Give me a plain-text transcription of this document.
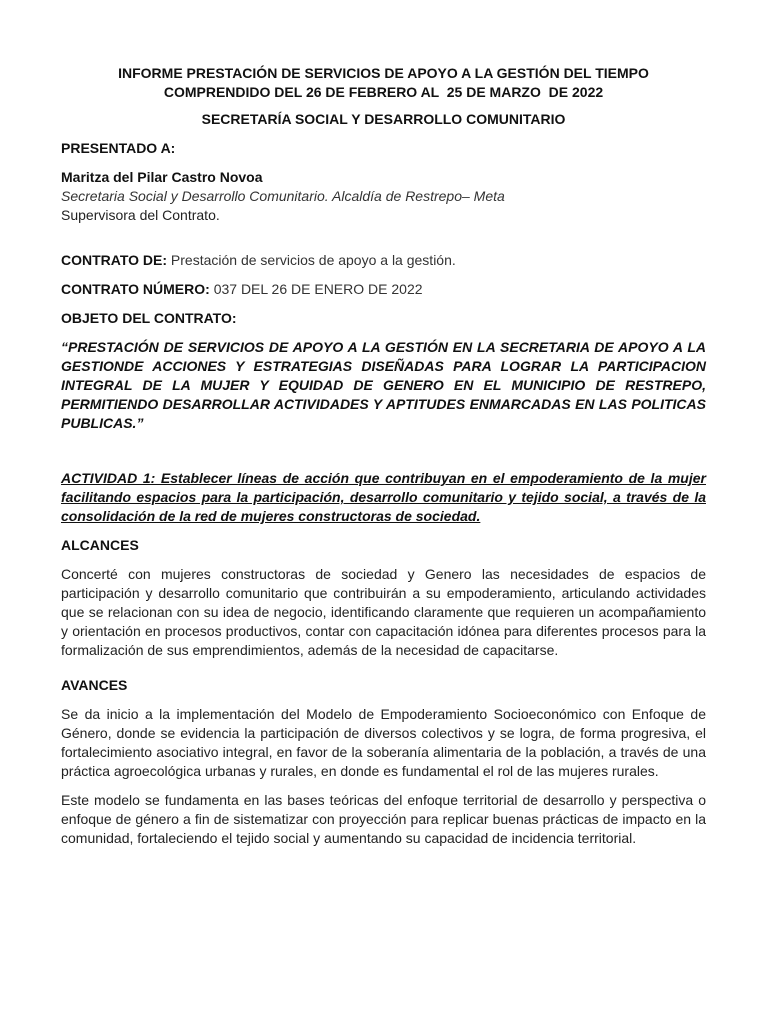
INFORME PRESTACIÓN DE SERVICIOS DE APOYO A LA GESTIÓN DEL TIEMPO

COMPRENDIDO DEL 26 DE FEBRERO AL  25 DE MARZO  DE 2022

SECRETARÍA SOCIAL Y DESARROLLO COMUNITARIO

PRESENTADO A:

Maritza del Pilar Castro Novoa

Secretaria Social y Desarrollo Comunitario. Alcaldía de Restrepo– Meta

Supervisora del Contrato.

CONTRATO DE: Prestación de servicios de apoyo a la gestión.

CONTRATO NÚMERO: 037 DEL 26 DE ENERO DE 2022

OBJETO DEL CONTRATO:

“PRESTACIÓN DE SERVICIOS DE APOYO A LA GESTIÓN EN LA SECRETARIA DE APOYO A LA GESTIONDE ACCIONES Y ESTRATEGIAS DISEÑADAS PARA LOGRAR LA PARTICIPACION INTEGRAL DE LA MUJER Y EQUIDAD DE GENERO EN EL MUNICIPIO DE RESTREPO, PERMITIENDO DESARROLLAR ACTIVIDADES Y APTITUDES ENMARCADAS EN LAS POLITICAS PUBLICAS.”

ACTIVIDAD 1: Establecer líneas de acción que contribuyan en el empoderamiento de la mujer facilitando espacios para la participación, desarrollo comunitario y tejido social, a través de la consolidación de la red de mujeres constructoras de sociedad.

ALCANCES

Concerté con mujeres constructoras de sociedad y Genero las necesidades de espacios de participación y desarrollo comunitario que contribuirán a su empoderamiento, articulando actividades que se relacionan con su idea de negocio, identificando claramente que requieren un acompañamiento y orientación en procesos productivos, contar con capacitación idónea para diferentes procesos para la formalización de sus emprendimientos, además de la necesidad de capacitarse.

AVANCES

Se da inicio a la implementación del Modelo de Empoderamiento Socioeconómico con Enfoque de Género, donde se evidencia la participación de diversos colectivos y se logra, de forma progresiva, el fortalecimiento asociativo integral, en favor de la soberanía alimentaria de la población, a través de una práctica agroecológica urbanas y rurales, en donde es fundamental el rol de las mujeres rurales.

Este modelo se fundamenta en las bases teóricas del enfoque territorial de desarrollo y perspectiva o enfoque de género a fin de sistematizar con proyección para replicar buenas prácticas de impacto en la comunidad, fortaleciendo el tejido social y aumentando su capacidad de incidencia territorial.
